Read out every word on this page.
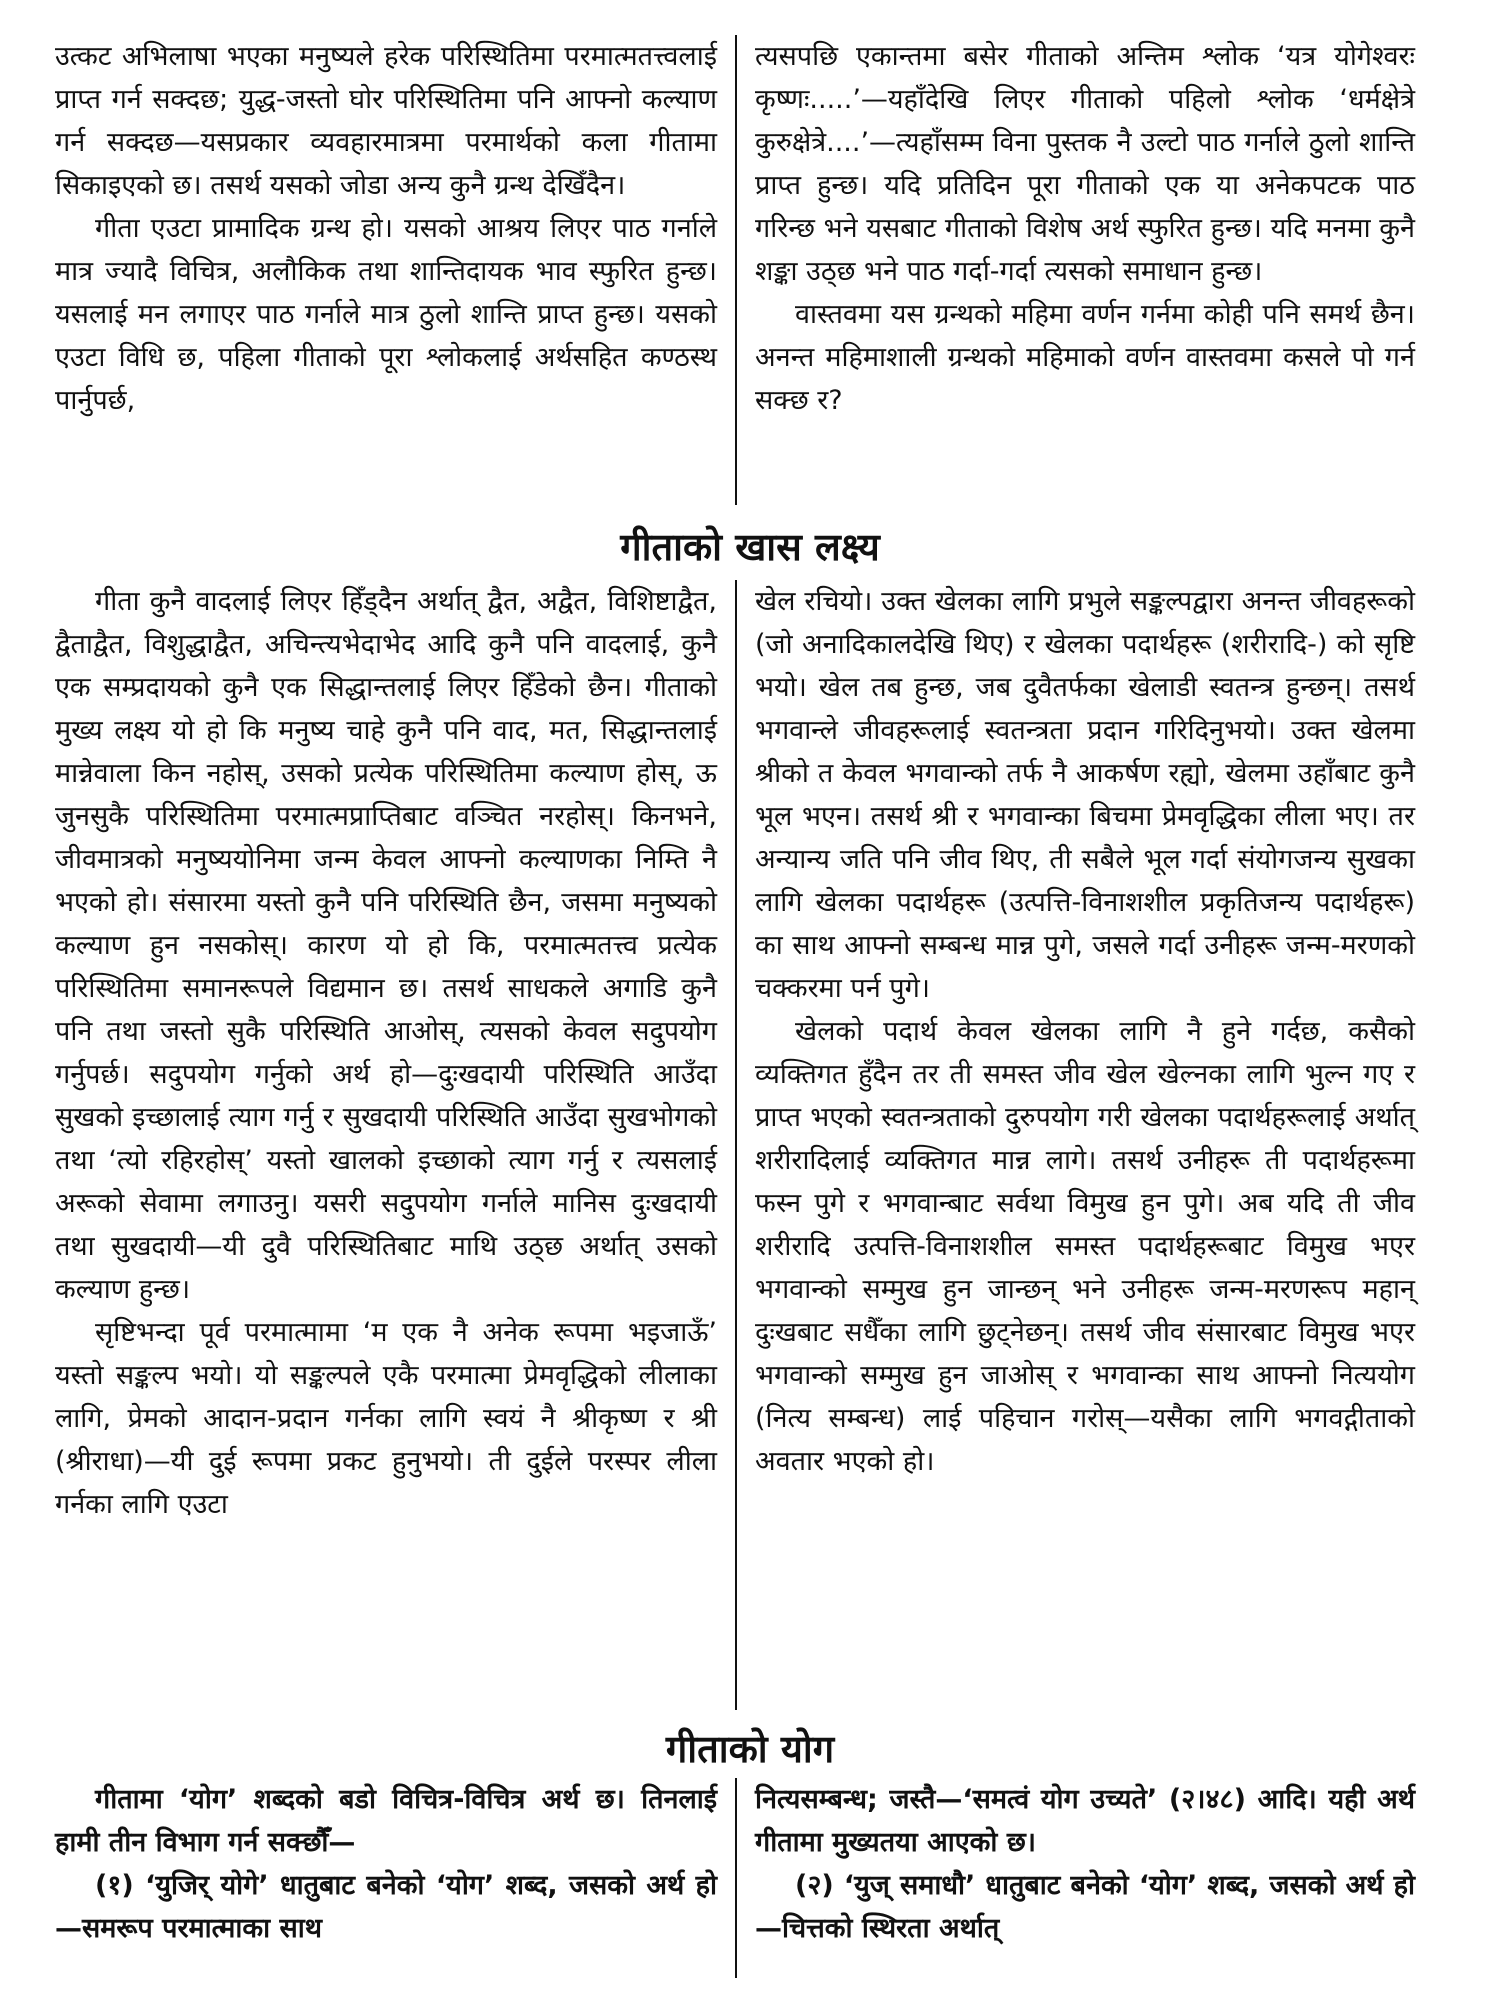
उत्कट अभिलाषा भएका मनुष्यले हरेक परिस्थितिमा परमात्मतत्त्वलाई प्राप्त गर्न सक्दछ; युद्ध-जस्तो घोर परिस्थितिमा पनि आफ्नो कल्याण गर्न सक्दछ—यसप्रकार व्यवहारमात्रमा परमार्थको कला गीतामा सिकाइएको छ। तसर्थ यसको जोडा अन्य कुनै ग्रन्थ देखिँदैन।

गीता एउटा प्रामादिक ग्रन्थ हो। यसको आश्रय लिएर पाठ गर्नाले मात्र ज्यादै विचित्र, अलौकिक तथा शान्तिदायक भाव स्फुरित हुन्छ। यसलाई मन लगाएर पाठ गर्नाले मात्र ठुलो शान्ति प्राप्त हुन्छ। यसको एउटा विधि छ, पहिला गीताको पूरा श्लोकलाई अर्थसहित कण्ठस्थ पार्नुपर्छ,

त्यसपछि एकान्तमा बसेर गीताको अन्तिम श्लोक ‘यत्र योगेश्वरः कृष्णः.....’—यहाँदेखि लिएर गीताको पहिलो श्लोक ‘धर्मक्षेत्रे कुरुक्षेत्रे....’—त्यहाँसम्म विना पुस्तक नै उल्टो पाठ गर्नाले ठुलो शान्ति प्राप्त हुन्छ। यदि प्रतिदिन पूरा गीताको एक या अनेकपटक पाठ गरिन्छ भने यसबाट गीताको विशेष अर्थ स्फुरित हुन्छ। यदि मनमा कुनै शङ्का उठ्छ भने पाठ गर्दा-गर्दा त्यसको समाधान हुन्छ।

वास्तवमा यस ग्रन्थको महिमा वर्णन गर्नमा कोही पनि समर्थ छैन। अनन्त महिमाशाली ग्रन्थको महिमाको वर्णन वास्तवमा कसले पो गर्न सक्छ र?

गीताको खास लक्ष्य

गीता कुनै वादलाई लिएर हिँड्दैन अर्थात् द्वैत, अद्वैत, विशिष्टाद्वैत, द्वैताद्वैत, विशुद्धाद्वैत, अचिन्त्यभेदाभेद आदि कुनै पनि वादलाई, कुनै एक सम्प्रदायको कुनै एक सिद्धान्तलाई लिएर हिँडेको छैन। गीताको मुख्य लक्ष्य यो हो कि मनुष्य चाहे कुनै पनि वाद, मत, सिद्धान्तलाई मान्नेवाला किन नहोस्, उसको प्रत्येक परिस्थितिमा कल्याण होस्, ऊ जुनसुकै परिस्थितिमा परमात्मप्राप्तिबाट वञ्चित नरहोस्। किनभने, जीवमात्रको मनुष्ययोनिमा जन्म केवल आफ्नो कल्याणका निम्ति नै भएको हो। संसारमा यस्तो कुनै पनि परिस्थिति छैन, जसमा मनुष्यको कल्याण हुन नसकोस्। कारण यो हो कि, परमात्मतत्त्व प्रत्येक परिस्थितिमा समानरूपले विद्यमान छ। तसर्थ साधकले अगाडि कुनै पनि तथा जस्तो सुकै परिस्थिति आओस्, त्यसको केवल सदुपयोग गर्नुपर्छ। सदुपयोग गर्नुको अर्थ हो—दुःखदायी परिस्थिति आउँदा सुखको इच्छालाई त्याग गर्नु र सुखदायी परिस्थिति आउँदा सुखभोगको तथा ‘त्यो रहिरहोस्’ यस्तो खालको इच्छाको त्याग गर्नु र त्यसलाई अरूको सेवामा लगाउनु। यसरी सदुपयोग गर्नाले मानिस दुःखदायी तथा सुखदायी—यी दुवै परिस्थितिबाट माथि उठ्छ अर्थात् उसको कल्याण हुन्छ।

सृष्टिभन्दा पूर्व परमात्मामा ‘म एक नै अनेक रूपमा भइजाऊँ’ यस्तो सङ्कल्प भयो। यो सङ्कल्पले एकै परमात्मा प्रेमवृद्धिको लीलाका लागि, प्रेमको आदान-प्रदान गर्नका लागि स्वयं नै श्रीकृष्ण र श्री (श्रीराधा)—यी दुई रूपमा प्रकट हुनुभयो। ती दुईले परस्पर लीला गर्नका लागि एउटा

खेल रचियो। उक्त खेलका लागि प्रभुले सङ्कल्पद्वारा अनन्त जीवहरूको (जो अनादिकालदेखि थिए) र खेलका पदार्थहरू (शरीरादि-) को सृष्टि भयो। खेल तब हुन्छ, जब दुवैतर्फका खेलाडी स्वतन्त्र हुन्छन्। तसर्थ भगवान्ले जीवहरूलाई स्वतन्त्रता प्रदान गरिदिनुभयो। उक्त खेलमा श्रीको त केवल भगवान्को तर्फ नै आकर्षण रह्यो, खेलमा उहाँबाट कुनै भूल भएन। तसर्थ श्री र भगवान्का बिचमा प्रेमवृद्धिका लीला भए। तर अन्यान्य जति पनि जीव थिए, ती सबैले भूल गर्दा संयोगजन्य सुखका लागि खेलका पदार्थहरू (उत्पत्ति-विनाशशील प्रकृतिजन्य पदार्थहरू) का साथ आफ्नो सम्बन्ध मान्न पुगे, जसले गर्दा उनीहरू जन्म-मरणको चक्करमा पर्न पुगे।

खेलको पदार्थ केवल खेलका लागि नै हुने गर्दछ, कसैको व्यक्तिगत हुँदैन तर ती समस्त जीव खेल खेल्नका लागि भुल्न गए र प्राप्त भएको स्वतन्त्रताको दुरुपयोग गरी खेलका पदार्थहरूलाई अर्थात् शरीरादिलाई व्यक्तिगत मान्न लागे। तसर्थ उनीहरू ती पदार्थहरूमा फस्न पुगे र भगवान्बाट सर्वथा विमुख हुन पुगे। अब यदि ती जीव शरीरादि उत्पत्ति-विनाशशील समस्त पदार्थहरूबाट विमुख भएर भगवान्को सम्मुख हुन जान्छन् भने उनीहरू जन्म-मरणरूप महान् दुःखबाट सधैँका लागि छुट्नेछन्। तसर्थ जीव संसारबाट विमुख भएर भगवान्को सम्मुख हुन जाओस् र भगवान्का साथ आफ्नो नित्ययोग (नित्य सम्बन्ध) लाई पहिचान गरोस्—यसैका लागि भगवद्गीताको अवतार भएको हो।

गीताको योग

गीतामा ‘योग’ शब्दको बडो विचित्र-विचित्र अर्थ छ। तिनलाई हामी तीन विभाग गर्न सक्छौँ—

(१) ‘युजिर् योगे’ धातुबाट बनेको ‘योग’ शब्द, जसको अर्थ हो—समरूप परमात्माका साथ

नित्यसम्बन्ध; जस्तै—‘समत्वं योग उच्यते’ (२।४८) आदि। यही अर्थ गीतामा मुख्यतया आएको छ।

(२) ‘युज् समाधौ’ धातुबाट बनेको ‘योग’ शब्द, जसको अर्थ हो—चित्तको स्थिरता अर्थात्
